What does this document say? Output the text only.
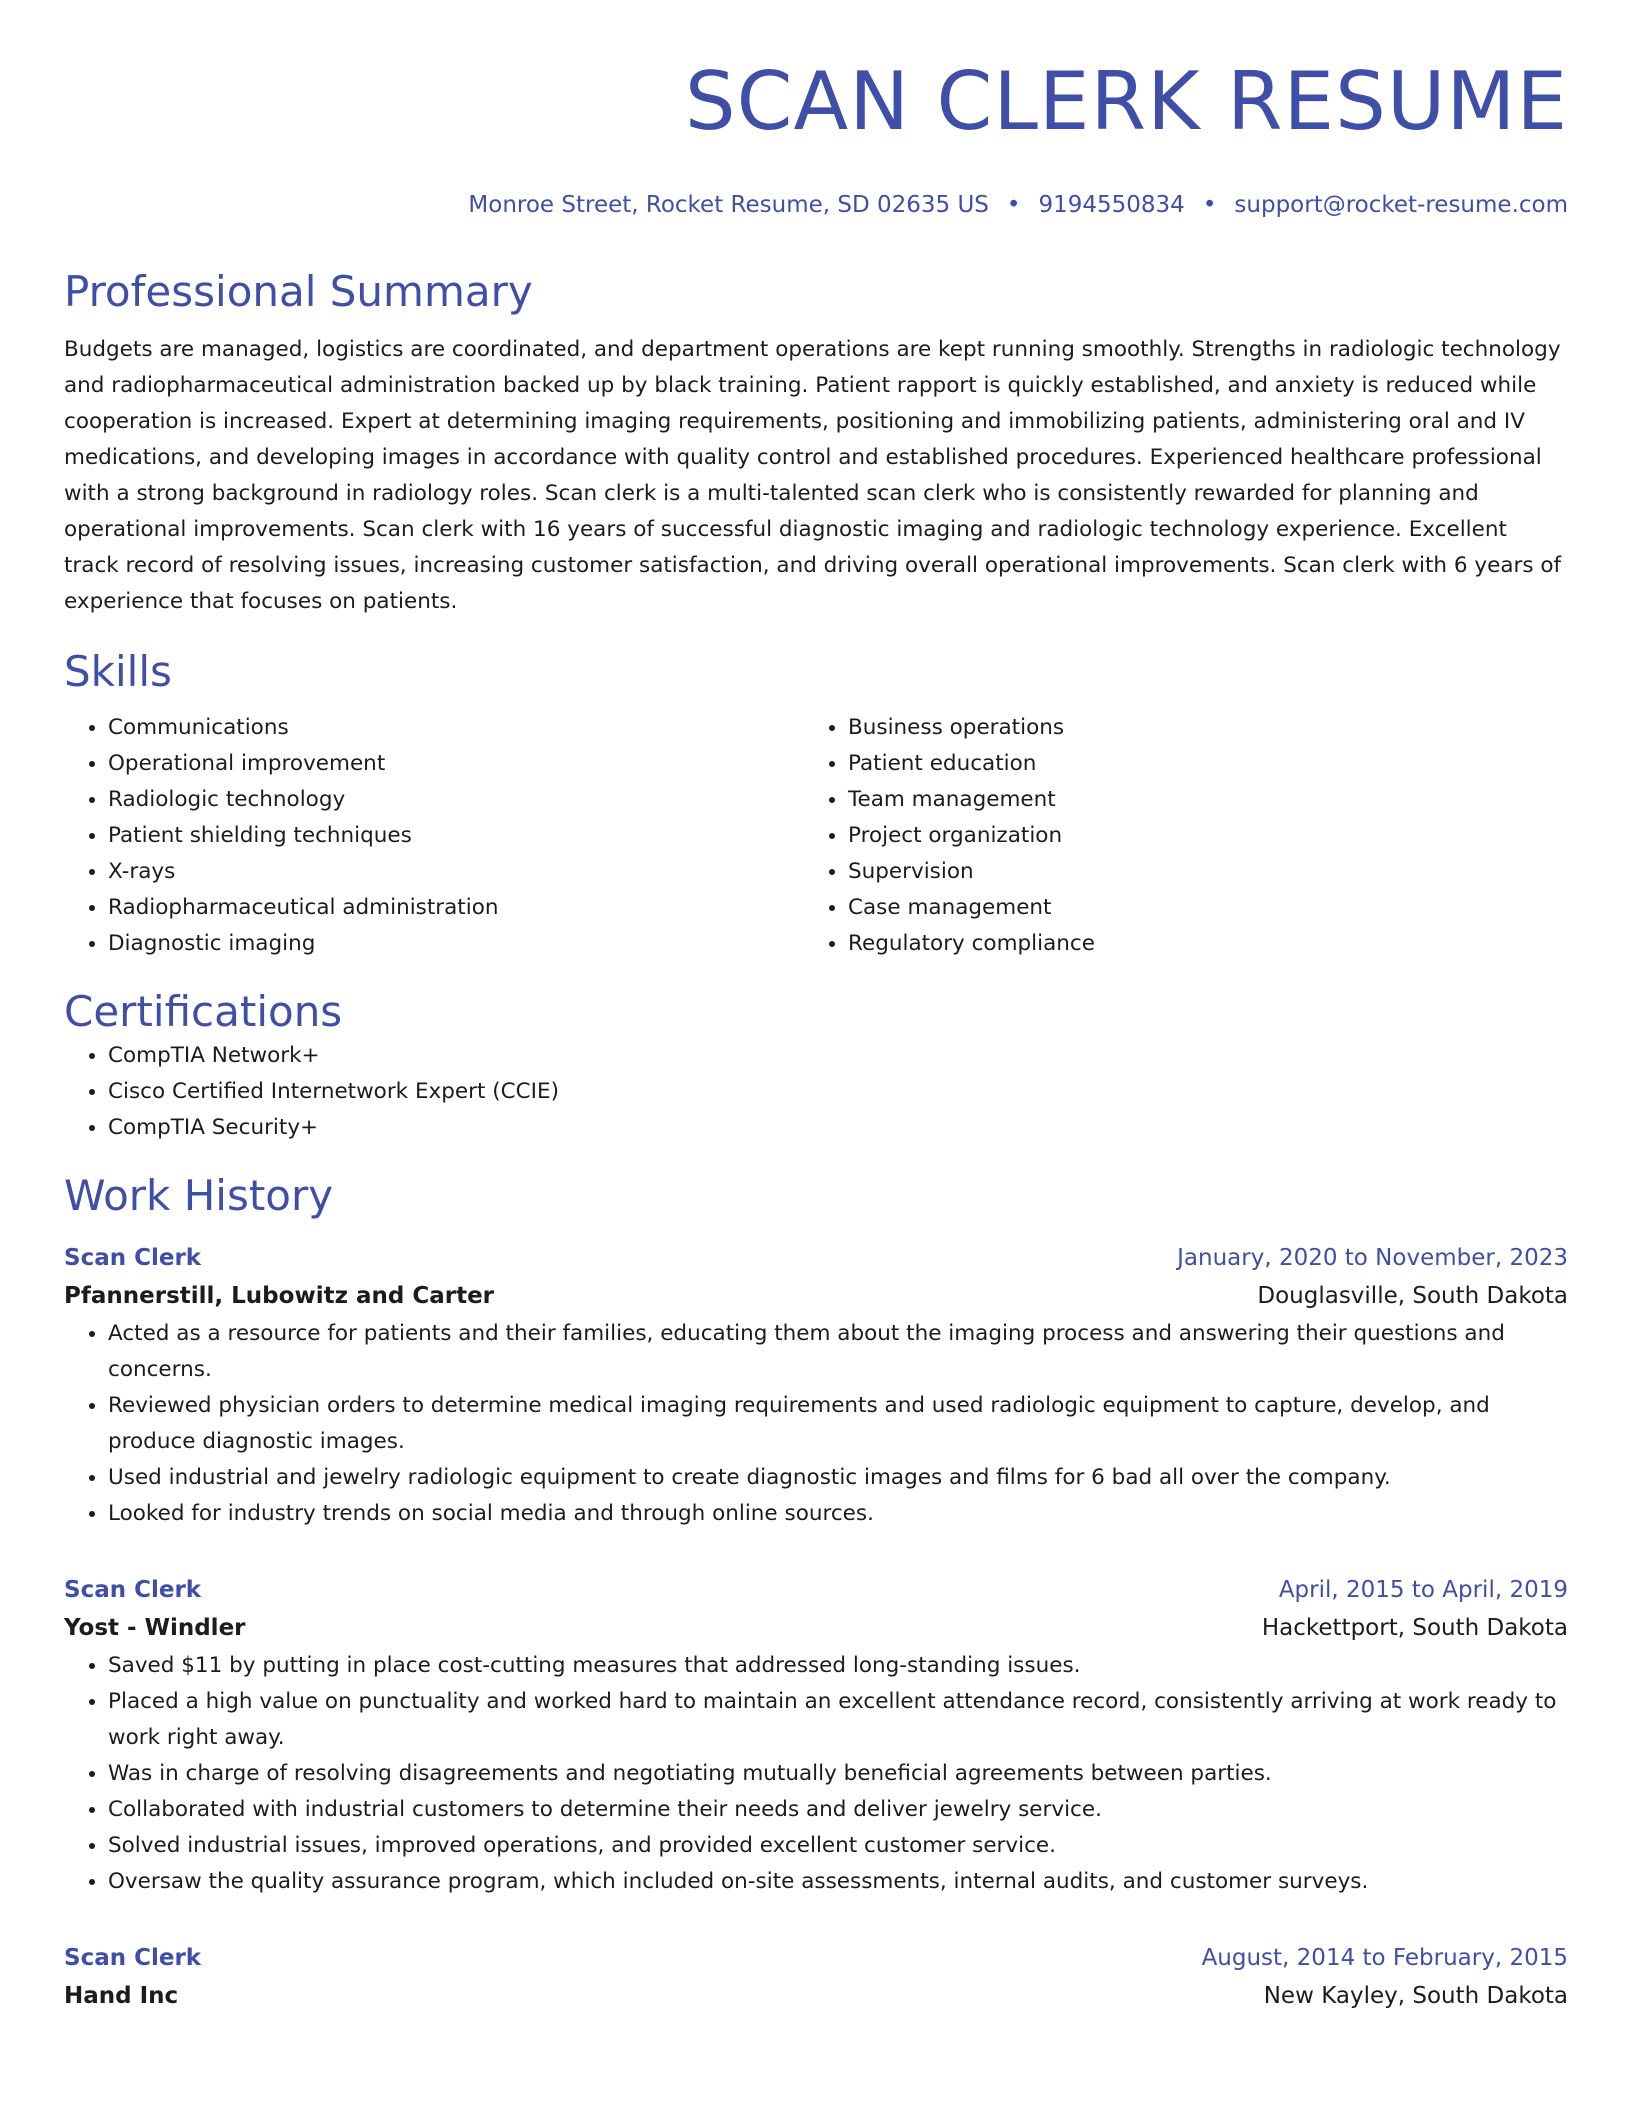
SCAN CLERK RESUME
Monroe Street, Rocket Resume, SD 02635 US • 9194550834 • support@rocket-resume.com
Professional Summary

Budgets are managed, logistics are coordinated, and department operations are kept running smoothly. Strengths in radiologic technology and radiopharmaceutical administration backed up by black training. Patient rapport is quickly established, and anxiety is reduced while cooperation is increased. Expert at determining imaging requirements, positioning and immobilizing patients, administering oral and IV medications, and developing images in accordance with quality control and established procedures. Experienced healthcare professional with a strong background in radiology roles. Scan clerk is a multi-talented scan clerk who is consistently rewarded for planning and operational improvements. Scan clerk with 16 years of successful diagnostic imaging and radiologic technology experience. Excellent track record of resolving issues, increasing customer satisfaction, and driving overall operational improvements. Scan clerk with 6 years of experience that focuses on patients.

Skills
• Communications
• Operational improvement
• Radiologic technology
• Patient shielding techniques
• X-rays
• Radiopharmaceutical administration
• Diagnostic imaging
• Business operations
• Patient education
• Team management
• Project organization
• Supervision
• Case management
• Regulatory compliance
Certifications
• CompTIA Network+
• Cisco Certified Internetwork Expert (CCIE)
• CompTIA Security+
Work History
Scan Clerk	January, 2020 to November, 2023
Pfannerstill, Lubowitz and Carter	Douglasville, South Dakota
• Acted as a resource for patients and their families, educating them about the imaging process and answering their questions and concerns.
• Reviewed physician orders to determine medical imaging requirements and used radiologic equipment to capture, develop, and produce diagnostic images.
• Used industrial and jewelry radiologic equipment to create diagnostic images and films for 6 bad all over the company.
• Looked for industry trends on social media and through online sources.
Scan Clerk	April, 2015 to April, 2019
Yost - Windler	Hackettport, South Dakota
• Saved $11 by putting in place cost-cutting measures that addressed long-standing issues.
• Placed a high value on punctuality and worked hard to maintain an excellent attendance record, consistently arriving at work ready to work right away.
• Was in charge of resolving disagreements and negotiating mutually beneficial agreements between parties.
• Collaborated with industrial customers to determine their needs and deliver jewelry service.
• Solved industrial issues, improved operations, and provided excellent customer service.
• Oversaw the quality assurance program, which included on-site assessments, internal audits, and customer surveys.
Scan Clerk	August, 2014 to February, 2015
Hand Inc	New Kayley, South Dakota
